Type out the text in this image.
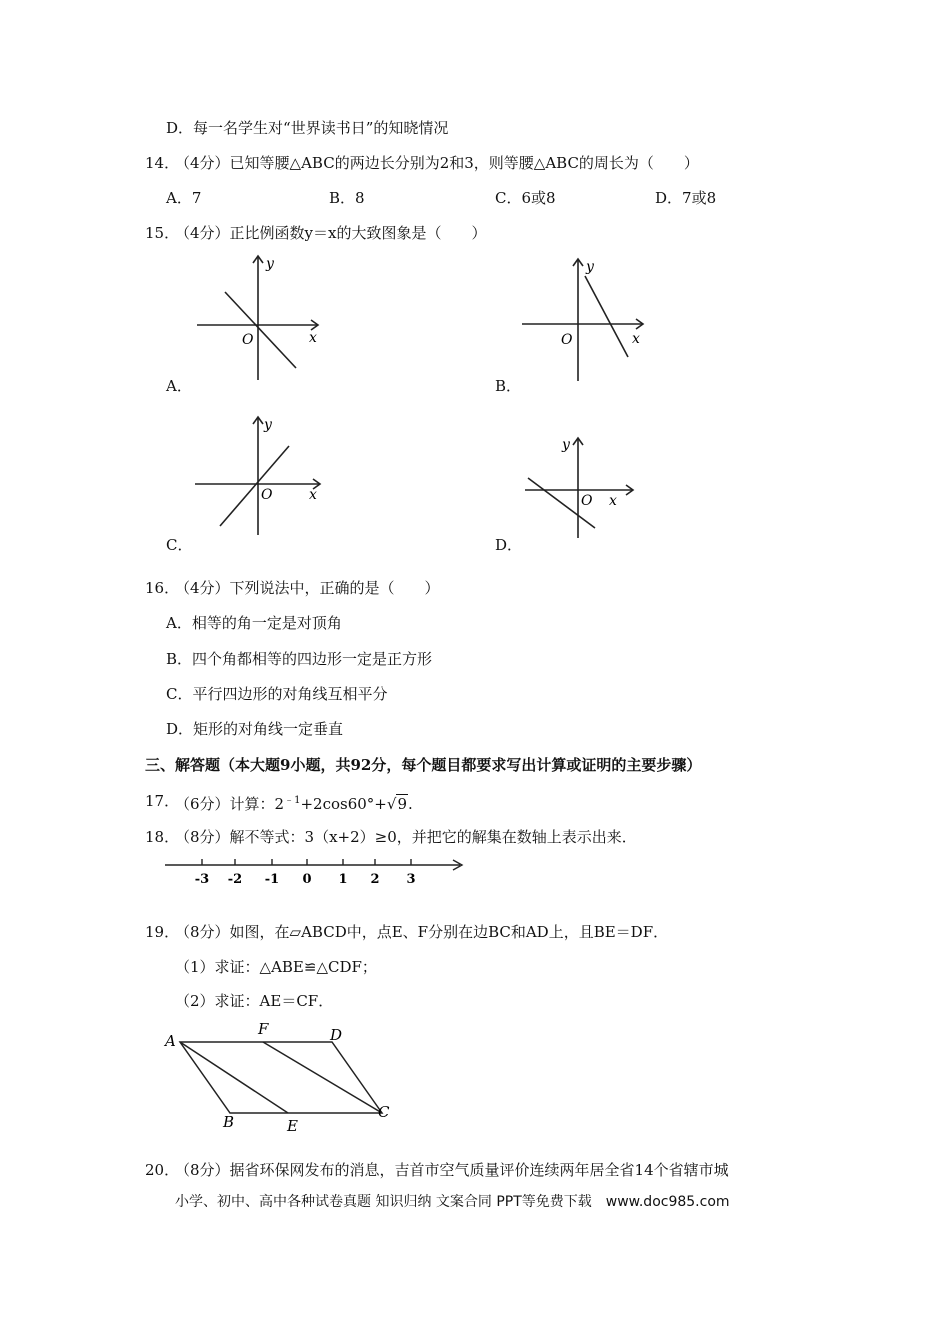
D．每一名学生对“世界读书日”的知晓情况
14．
（4分）已知等腰△ABC的两边长分别为2和3，则等腰△ABC的周长为（　　）
A．7	B．8	C．6或8	D．7或8
15．
（4分）正比例函数y＝x的大致图象是（　　）
y
x
O
A．
y
x
O
B．
y
x
O
C．
y
x
O
D．
16．
（4分）下列说法中，正确的是（　　）
A．相等的角一定是对顶角
B．四个角都相等的四边形一定是正方形
C．平行四边形的对角线互相平分
D．矩形的对角线一定垂直
三、解答题（本大题9小题，共92分，每个题目都要求写出计算或证明的主要步骤）
17．
（6分）计算：$2^{﹣1}+2\cos 60^\circ+√9$.
18．
（8分）解不等式：3（x+2）≥0，并把它的解集在数轴上表示出来．
-3 -2 -1 0 1 2 3
19．
（8分）如图，在▱ABCD中，点E、F分别在边BC和AD上，且BE＝DF．
（1）求证：△ABE≌△CDF；
（2）求证：AE＝CF．
A
F	D
C
B	E
20．
（8分）据省环保网发布的消息，吉首市空气质量评价连续两年居全省14个省辖市城
小学、初中、高中各种试卷真题 知识归纳 文案合同 PPT等免费下载　www.doc985.com
